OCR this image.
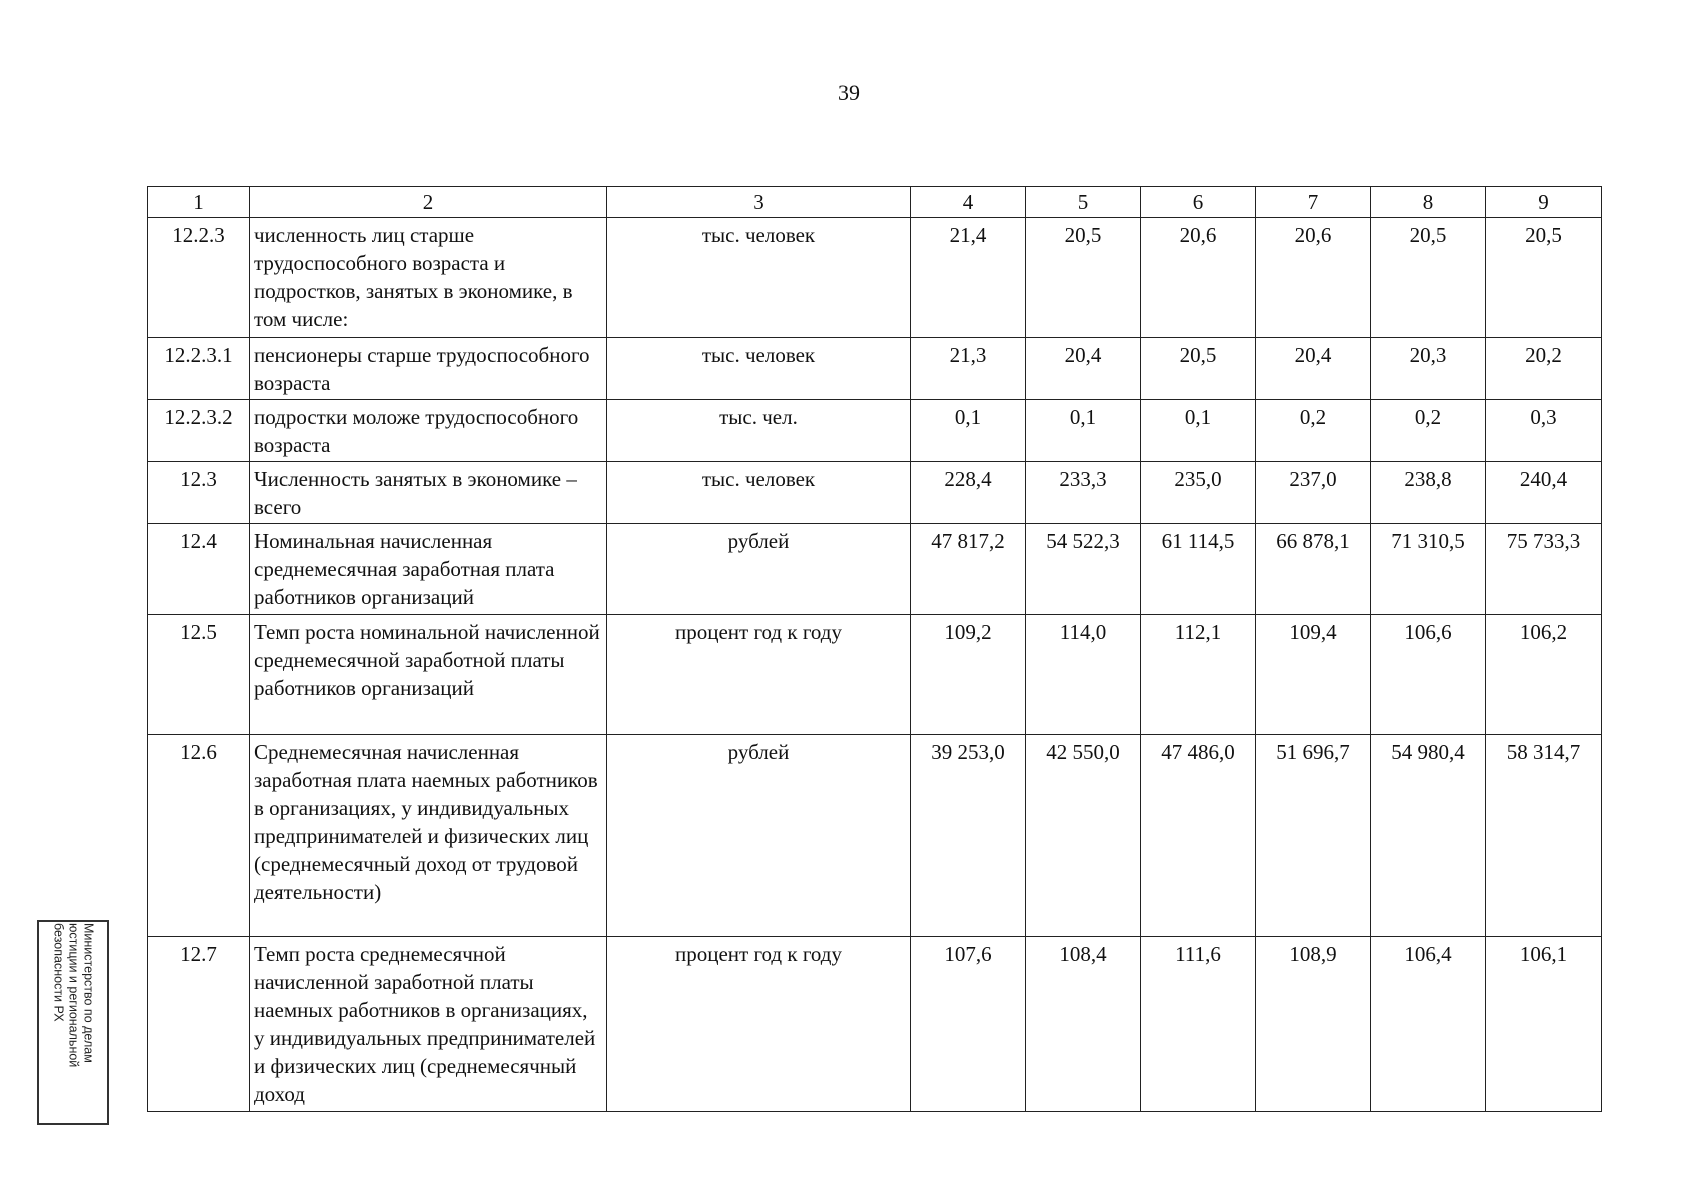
39
1	2	3	4	5	6	7	8	9
12.2.3	численность лиц старше трудоспособного возраста и подростков, занятых в экономике, в том числе:	тыс. человек	21,4	20,5	20,6	20,6	20,5	20,5
12.2.3.1	пенсионеры старше трудоспособного возраста	тыс. человек	21,3	20,4	20,5	20,4	20,3	20,2
12.2.3.2	подростки моложе трудоспособного возраста	тыс. чел.	0,1	0,1	0,1	0,2	0,2	0,3
12.3	Численность занятых в экономике – всего	тыс. человек	228,4	233,3	235,0	237,0	238,8	240,4
12.4	Номинальная начисленная среднемесячная заработная плата работников организаций	рублей	47 817,2	54 522,3	61 114,5	66 878,1	71 310,5	75 733,3
12.5	Темп роста номинальной начисленной среднемесячной заработной платы работников организаций	процент год к году	109,2	114,0	112,1	109,4	106,6	106,2
12.6	Среднемесячная начисленная заработная плата наемных работников в организациях, у индивидуальных предпринимателей и физических лиц (среднемесячный доход от трудовой деятельности)	рублей	39 253,0	42 550,0	47 486,0	51 696,7	54 980,4	58 314,7
12.7	Темп роста среднемесячной начисленной заработной платы наемных работников в организациях, у индивидуальных предпринимателей и физических лиц (среднемесячный доход	процент год к году	107,6	108,4	111,6	108,9	106,4	106,1
Министерство по делам
юстиции и региональной
безопасности РХ
